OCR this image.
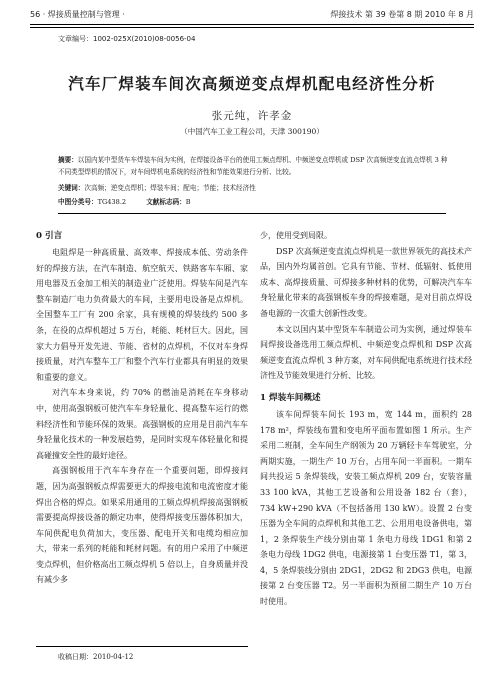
56 · 焊接质量控制与管理 ·	焊接技术 第 39 卷第 8 期 2010 年 8 月
文章编号：1002-025X(2010)08-0056-04
汽车厂焊装车间次高频逆变点焊机配电经济性分析
张元纯，许孝金
（中国汽车工业工程公司，天津 300190）
摘要：以国内某中型货车车焊装车间为实例，在焊接设备平台的使用工频点焊机、中频逆变点焊机或 DSP 次高频逆变直流点焊机 3 种不同类型焊机的情况下，对车间焊机电系统的经济性和节能效果进行分析、比较。
关键词：次高频；逆变点焊机；焊装车间；配电；节能；技术经济性
中图分类号：TG438.2	文献标志码：B
0 引言

电阻焊是一种高质量、高效率、焊接成本低、劳动条件好的焊接方法，在汽车制造、航空航天、铁路客车车厢、家用电器及五金加工相关的制造业广泛使用。焊装车间是汽车整车制造厂电力负荷最大的车间，主要用电设备是点焊机。全国整车工厂有 200 余家，具有规模的焊装线约 500 多条，在役的点焊机超过 5 万台，耗能、耗材巨大。因此，国家大力倡导开发先进、节能、省材的点焊机，不仅对车身焊接质量，对汽车整车工厂和整个汽车行业都具有明显的效果和重要的意义。

对汽车本身来说，约 70% 的燃油是消耗在车身移动中，使用高强钢板可使汽车车身轻量化、提高整车运行的燃料经济性和节能环保的效果。高强钢板的应用是目前汽车车身轻量化技术的一种发展趋势，是同时实现车体轻量化和提高碰撞安全性的最好途径。

高强钢板用于汽车车身存在一个重要问题，即焊接问题，因为高强钢板点焊需要更大的焊接电流和电流密度才能焊出合格的焊点。如果采用通用的工频点焊机焊接高强钢板需要提高焊接设备的额定功率，使得焊接变压器体积加大，车间供配电负荷加大，变压器、配电开关和电缆均相应加大，带来一系列的耗能和耗材问题。有的用户采用了中频逆变点焊机，但价格高出工频点焊机 5 倍以上，自身质量并没有减少多

少，使用受到局限。

DSP 次高频逆变直流点焊机是一款世界领先的高技术产品，国内外均属首创。它具有节能、节材、低辐射、低使用成本、高焊接质量、可焊接多种材料的优势，可解决汽车车身轻量化带来的高强钢板车身的焊接难题，是对目前点焊设备电源的一次重大创新性改变。

本文以国内某中型货车车制造公司为实例，通过焊装车间焊接设备选用工频点焊机、中频逆变点焊机和 DSP 次高频逆变直流点焊机 3 种方案，对车间供配电系统进行技术经济性及节能效果进行分析、比较。

1 焊装车间概述

该车间焊装车间长 193 m，宽 144 m，面积约 28 178 m²，焊装线布置和变电所平面布置如图 1 所示。生产采用二班制，全车间生产纲领为 20 万辆轻卡车驾驶室，分两期实施，一期生产 10 万台，占用车间一半面积。一期车间共投运 5 条焊装线，安装工频点焊机 209 台，安装容量 33 100 kVA，其他工艺设备和公用设备 182 台（套），734 kW+290 kVA（不包括备用 130 kW）。设置 2 台变压器为全车间的点焊机和其他工艺、公用用电设备供电，第 1，2 条焊装生产线分别由第 1 条电力母线 1DG1 和第 2 条电力母线 1DG2 供电，电源接第 1 台变压器 T1，第 3，4，5 条焊装线分别由 2DG1，2DG2 和 2DG3 供电，电源接第 2 台变压器 T2。另一半面积为预留二期生产 10 万台时使用。

收稿日期：2010-04-12
